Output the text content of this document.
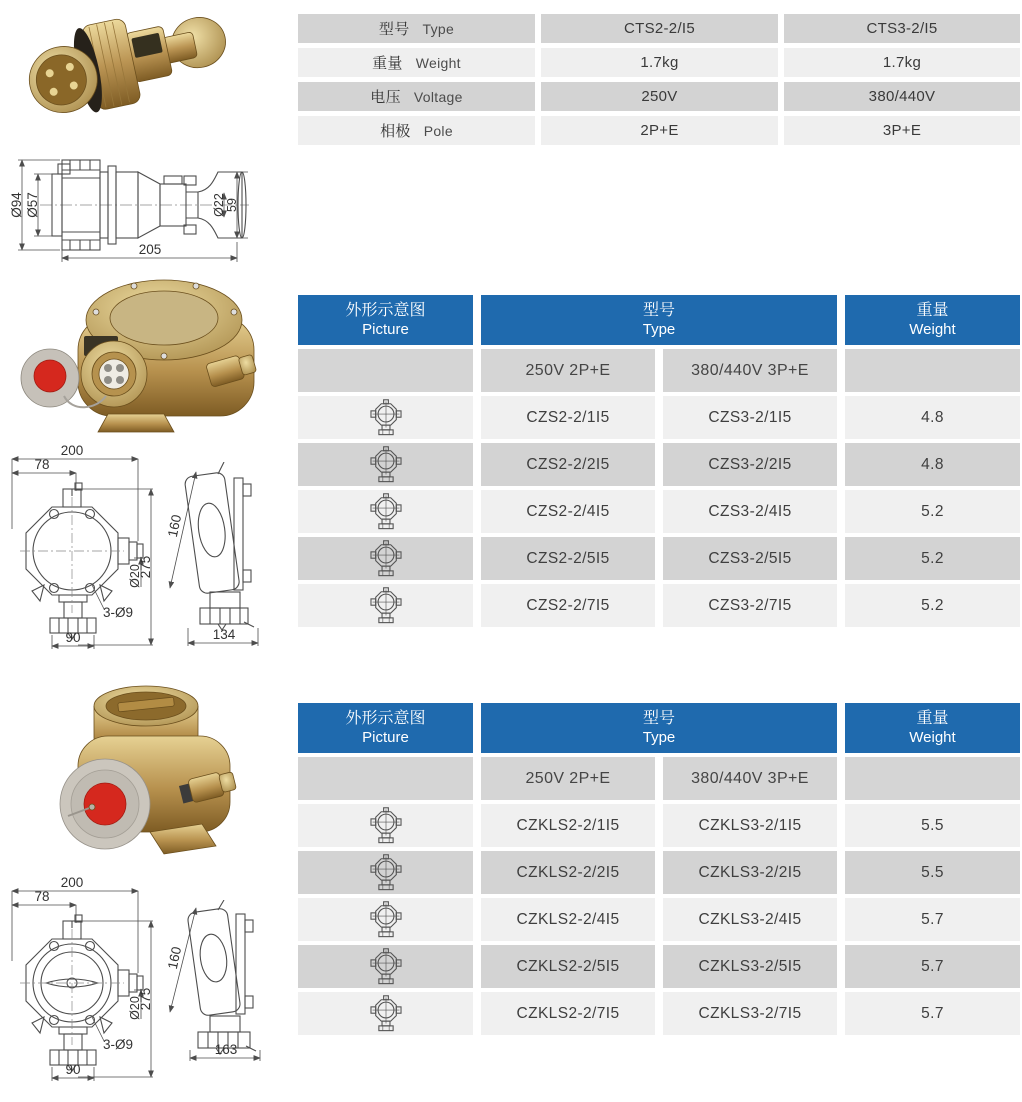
Ø94 Ø57	Ø22 59
205
型号 Type	CTS2-2/I5	CTS3-2/I5
重量 Weight	1.7kg	1.7kg
电压 Voltage	250V	380/440V
相极 Pole	2P+E	3P+E
200
78
Ø20
275
3-Ø9
90
160
134
外形示意图
Picture
型号
Type
重量
Weight
250V 2P+E	380/440V 3P+E
CZS2-2/1I5	CZS3-2/1I5	4.8
CZS2-2/2I5	CZS3-2/2I5	4.8
CZS2-2/4I5	CZS3-2/4I5	5.2
CZS2-2/5I5	CZS3-2/5I5	5.2
CZS2-2/7I5	CZS3-2/7I5	5.2
200
78
Ø20
275
3-Ø9
90
160
163
外形示意图
Picture
型号
Type
重量
Weight
250V 2P+E	380/440V 3P+E
CZKLS2-2/1I5	CZKLS3-2/1I5	5.5
CZKLS2-2/2I5	CZKLS3-2/2I5	5.5
CZKLS2-2/4I5	CZKLS3-2/4I5	5.7
CZKLS2-2/5I5	CZKLS3-2/5I5	5.7
CZKLS2-2/7I5	CZKLS3-2/7I5	5.7
